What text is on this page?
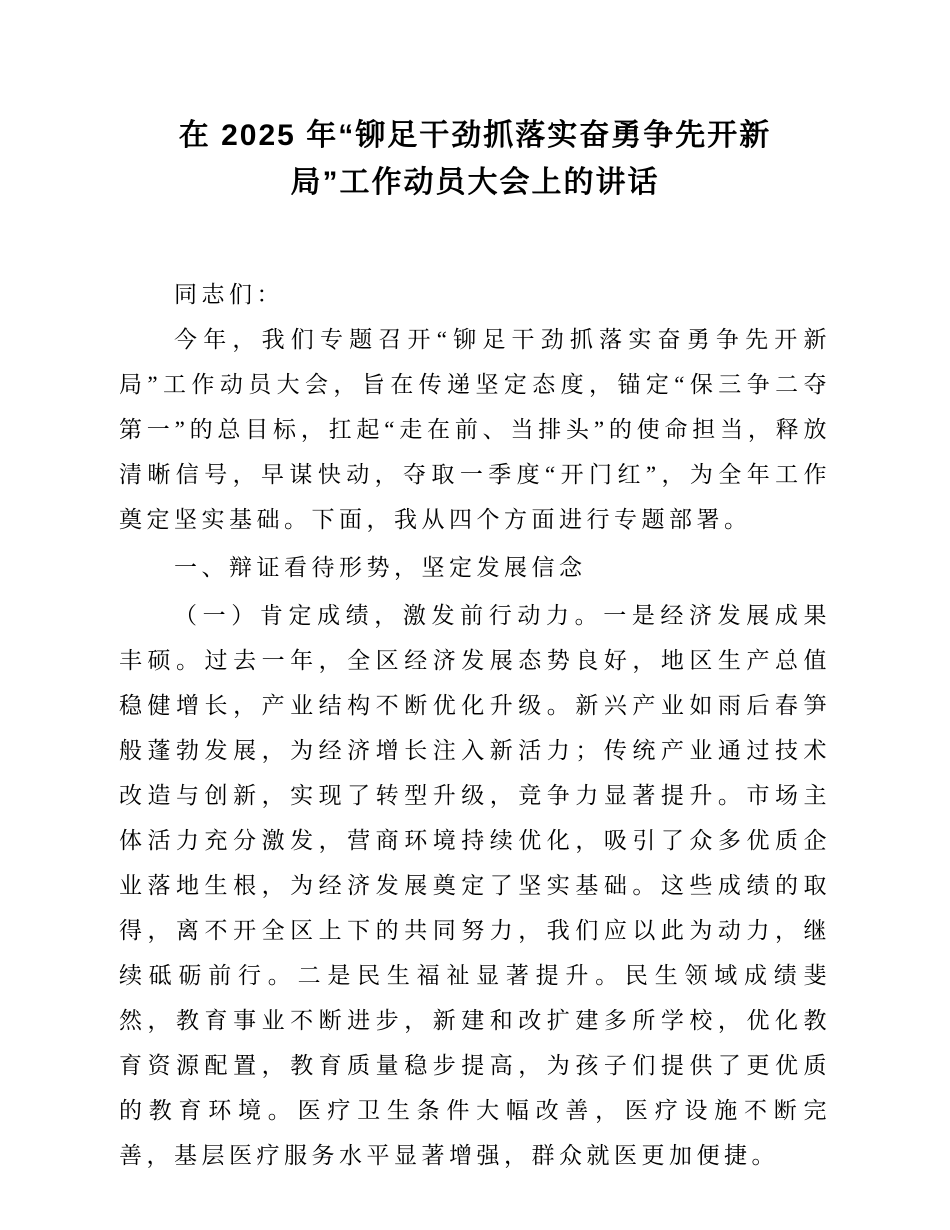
在 2025 年“铆足干劲抓落实奋勇争先开新局”工作动员大会上的讲话

同志们：

今年，我们专题召开“铆足干劲抓落实奋勇争先开新局”工作动员大会，旨在传递坚定态度，锚定“保三争二夺第一”的总目标，扛起“走在前、当排头”的使命担当，释放清晰信号，早谋快动，夺取一季度“开门红”，为全年工作奠定坚实基础。下面，我从四个方面进行专题部署。

一、辩证看待形势，坚定发展信念

（一）肯定成绩，激发前行动力。一是经济发展成果丰硕。过去一年，全区经济发展态势良好，地区生产总值稳健增长，产业结构不断优化升级。新兴产业如雨后春笋般蓬勃发展，为经济增长注入新活力；传统产业通过技术改造与创新，实现了转型升级，竞争力显著提升。市场主体活力充分激发，营商环境持续优化，吸引了众多优质企业落地生根，为经济发展奠定了坚实基础。这些成绩的取得，离不开全区上下的共同努力，我们应以此为动力，继续砥砺前行。二是民生福祉显著提升。民生领域成绩斐然，教育事业不断进步，新建和改扩建多所学校，优化教育资源配置，教育质量稳步提高，为孩子们提供了更优质的教育环境。医疗卫生条件大幅改善，医疗设施不断完善，基层医疗服务水平显著增强，群众就医更加便捷。
